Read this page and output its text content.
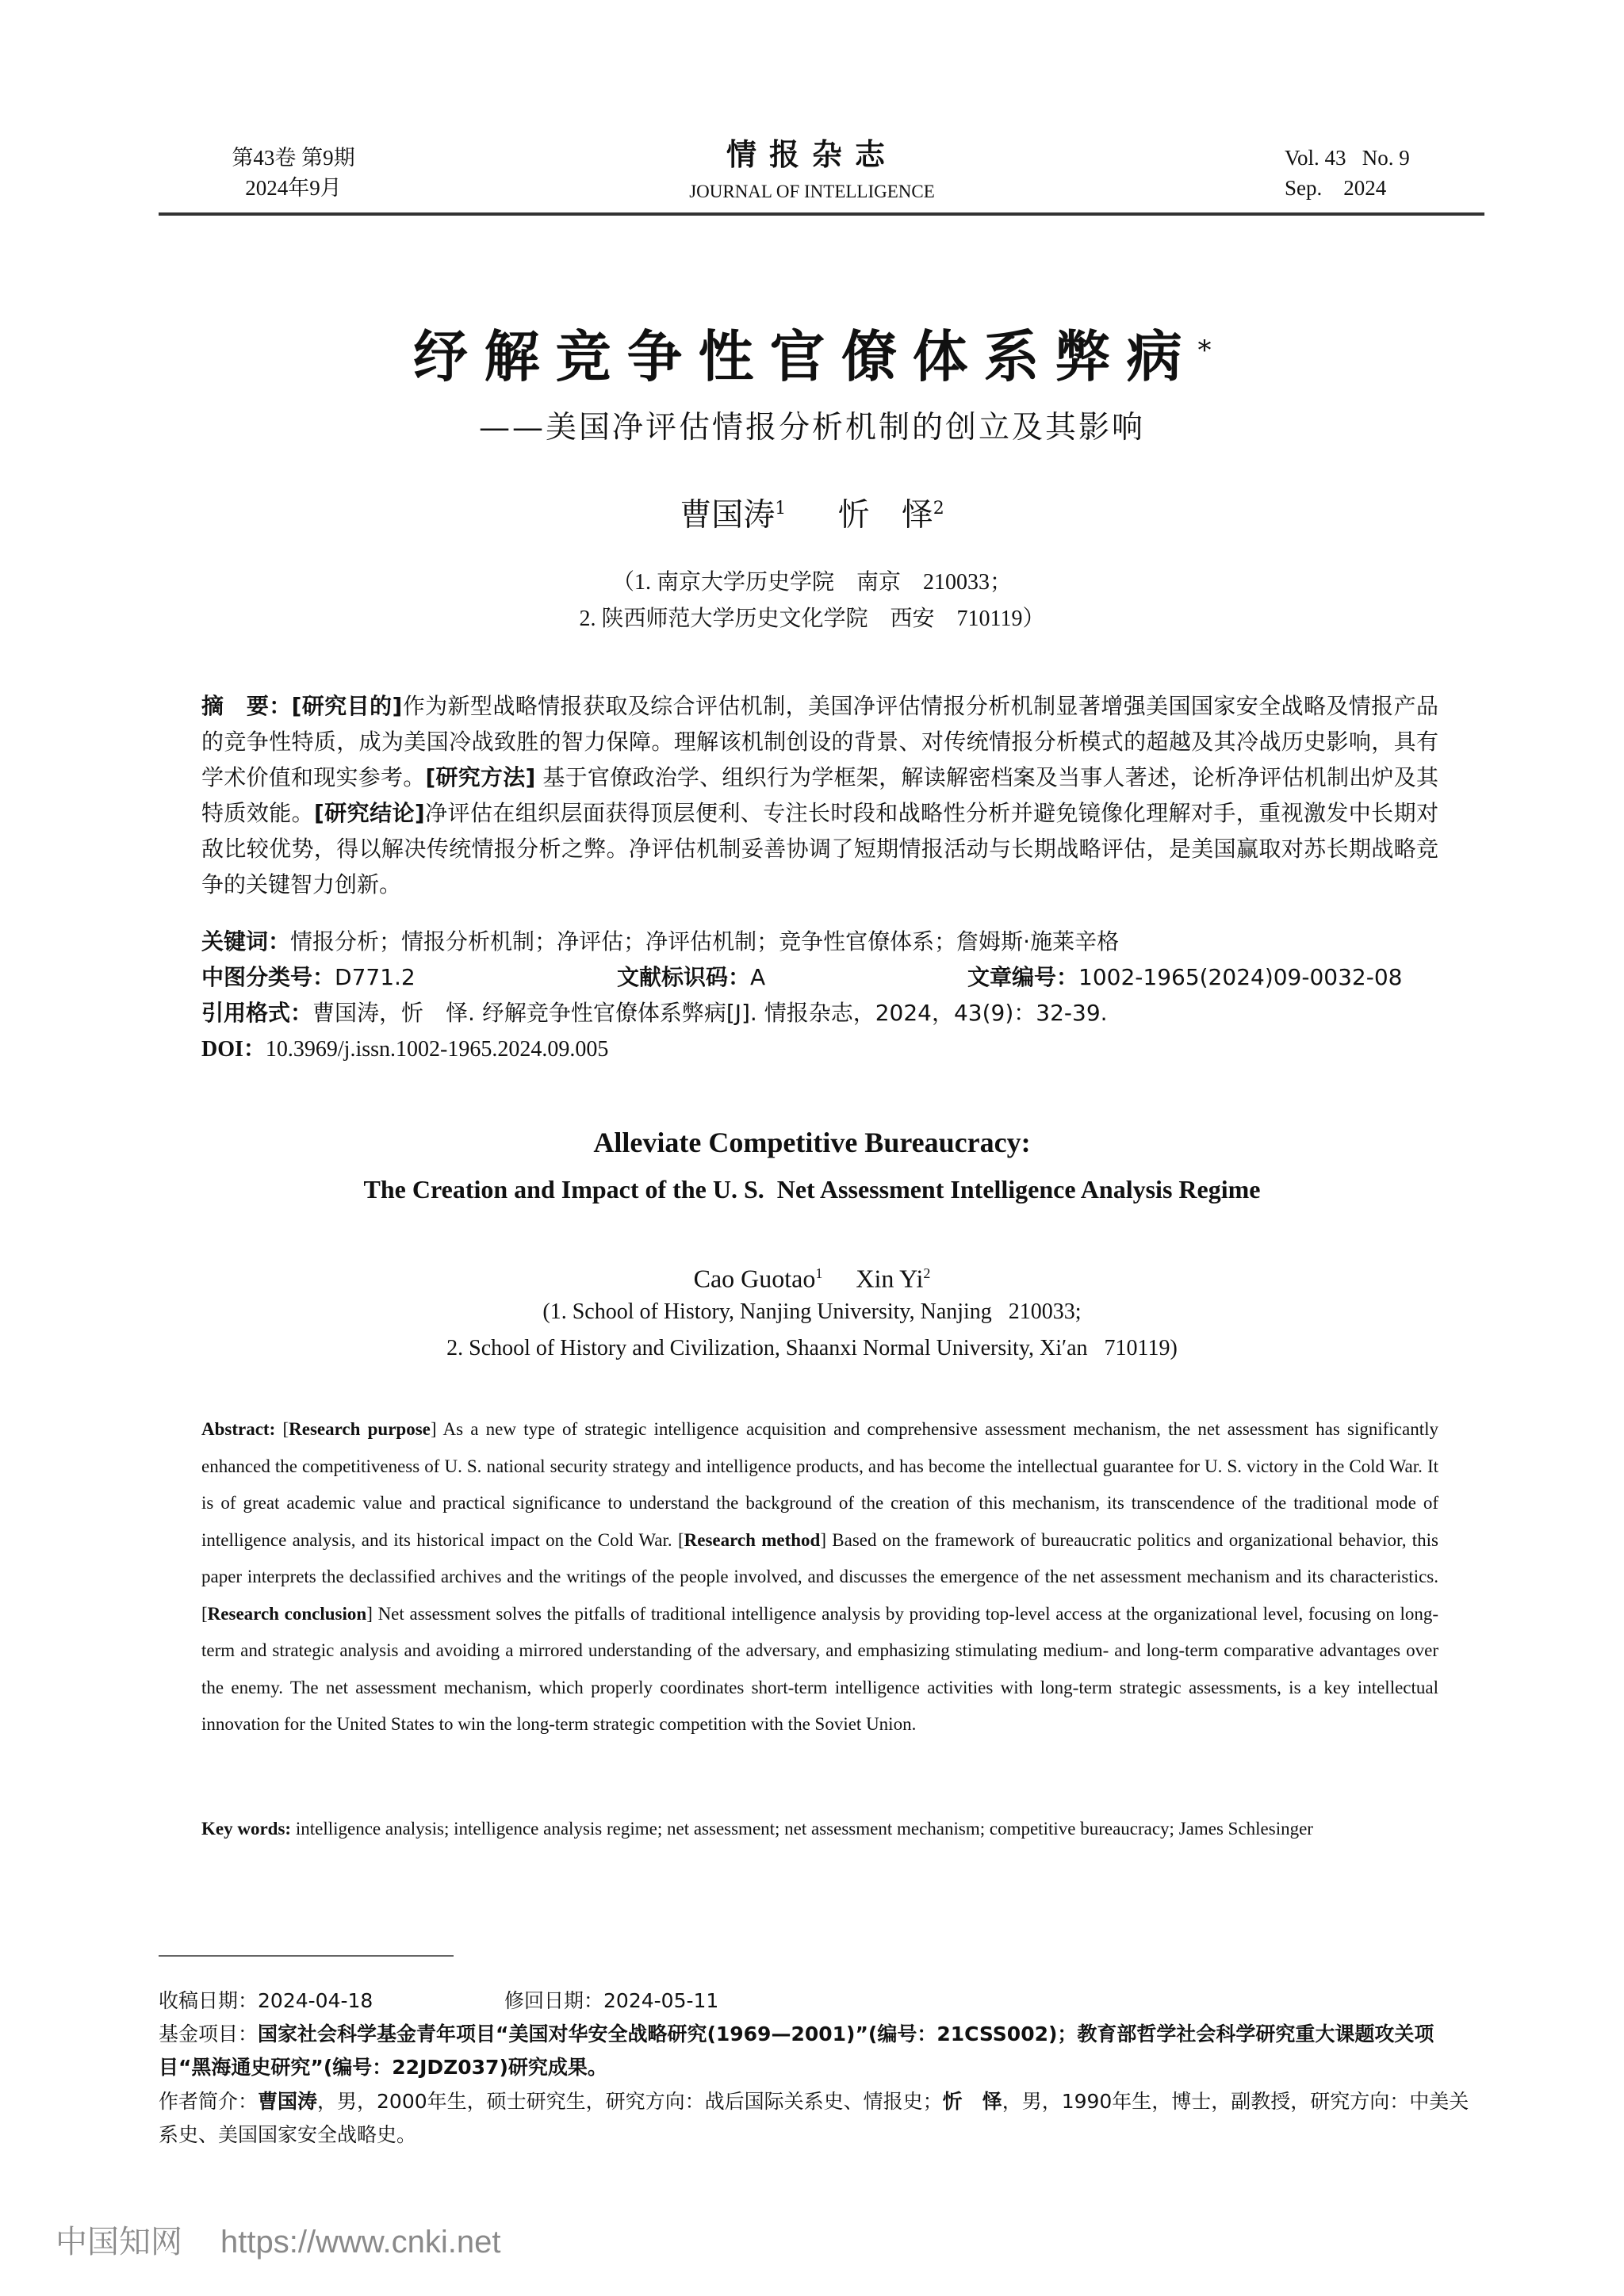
第43卷 第9期
2024年9月
情报杂志
JOURNAL OF INTELLIGENCE
Vol. 43   No. 9
Sep.    2024
纾解竞争性官僚体系弊病*
——美国净评估情报分析机制的创立及其影响
曹国涛$^1$ 忻　怿$^2$
（1. 南京大学历史学院　南京　210033；
2. 陕西师范大学历史文化学院　西安　710119）
摘　要：[研究目的]作为新型战略情报获取及综合评估机制，美国净评估情报分析机制显著增强美国国家安全战略及情报产品的竞争性特质，成为美国冷战致胜的智力保障。理解该机制创设的背景、对传统情报分析模式的超越及其冷战历史影响，具有学术价值和现实参考。[研究方法] 基于官僚政治学、组织行为学框架，解读解密档案及当事人著述，论析净评估机制出炉及其特质效能。[研究结论]净评估在组织层面获得顶层便利、专注长时段和战略性分析并避免镜像化理解对手，重视激发中长期对敌比较优势，得以解决传统情报分析之弊。净评估机制妥善协调了短期情报活动与长期战略评估，是美国赢取对苏长期战略竞争的关键智力创新。
关键词：情报分析；情报分析机制；净评估；净评估机制；竞争性官僚体系；詹姆斯·施莱辛格
中图分类号：D771.2	文献标识码：A	文章编号：1002-1965(2024)09-0032-08
引用格式：曹国涛，忻　怿. 纾解竞争性官僚体系弊病[J]. 情报杂志，2024，43(9)：32-39.
DOI：10.3969/j.issn.1002-1965.2024.09.005
Alleviate Competitive Bureaucracy:
The Creation and Impact of the U. S.  Net Assessment Intelligence Analysis Regime
Cao Guotao$^1$ Xin Yi$^2$
(1. School of History, Nanjing University, Nanjing   210033;
2. School of History and Civilization, Shaanxi Normal University, Xi′an   710119)
Abstract: [Research purpose] As a new type of strategic intelligence acquisition and comprehensive assessment mechanism, the net assessment has significantly enhanced the competitiveness of U. S. national security strategy and intelligence products, and has become the intellectual guarantee for U. S. victory in the Cold War. It is of great academic value and practical significance to understand the background of the creation of this mechanism, its transcendence of the traditional mode of intelligence analysis, and its historical impact on the Cold War. [Research method] Based on the framework of bureaucratic politics and organizational behavior, this paper interprets the declassified archives and the writings of the people involved, and discusses the emergence of the net assessment mechanism and its characteristics. [Research conclusion] Net assessment solves the pitfalls of traditional intelligence analysis by providing top-level access at the organizational level, focusing on long-term and strategic analysis and avoiding a mirrored understanding of the adversary, and emphasizing stimulating medium- and long-term comparative advantages over the enemy. The net assessment mechanism, which properly coordinates short-term intelligence activities with long-term strategic assessments, is a key intellectual innovation for the United States to win the long-term strategic competition with the Soviet Union.
Key words: intelligence analysis; intelligence analysis regime; net assessment; net assessment mechanism; competitive bureaucracy; James Schlesinger
收稿日期：2024-04-18	修回日期：2024-05-11
基金项目：国家社会科学基金青年项目“美国对华安全战略研究(1969—2001)”(编号：21CSS002)；教育部哲学社会科学研究重大课题攻关项目“黑海通史研究”(编号：22JDZ037)研究成果。
作者简介：曹国涛，男，2000年生，硕士研究生，研究方向：战后国际关系史、情报史；忻　怿，男，1990年生，博士，副教授，研究方向：中美关系史、美国国家安全战略史。
中国知网 https://www.cnki.net
